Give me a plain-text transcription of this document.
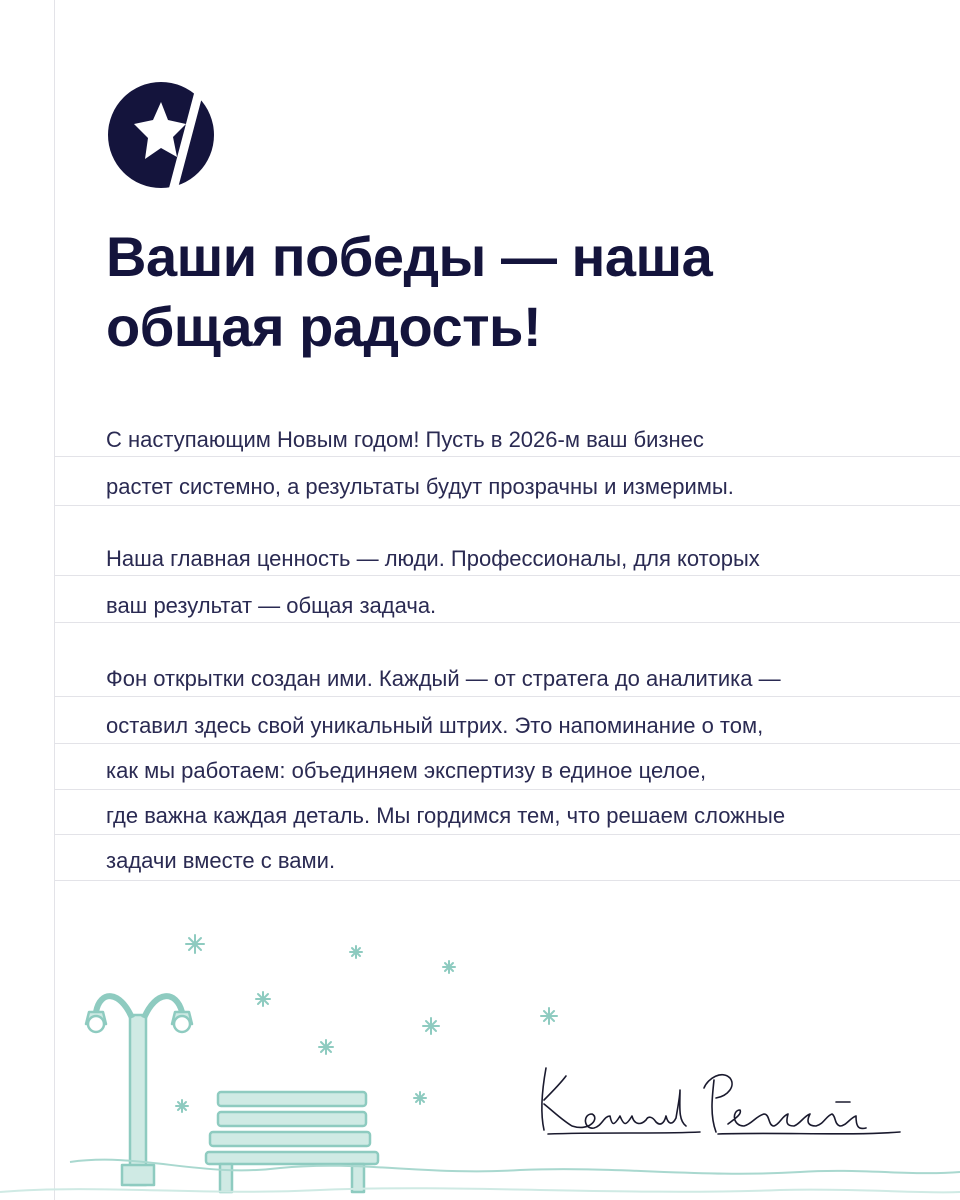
Ваши победы — наша
общая радость!
С наступающим Новым годом! Пусть в 2026-м ваш бизнес
растет системно, а результаты будут прозрачны и измеримы.
Наша главная ценность — люди. Профессионалы, для которых
ваш результат — общая задача.
Фон открытки создан ими. Каждый — от стратега до аналитика —
оставил здесь свой уникальный штрих. Это напоминание о том,
как мы работаем: объединяем экспертизу в единое целое,
где важна каждая деталь. Мы гордимся тем, что решаем сложные
задачи вместе с вами.
